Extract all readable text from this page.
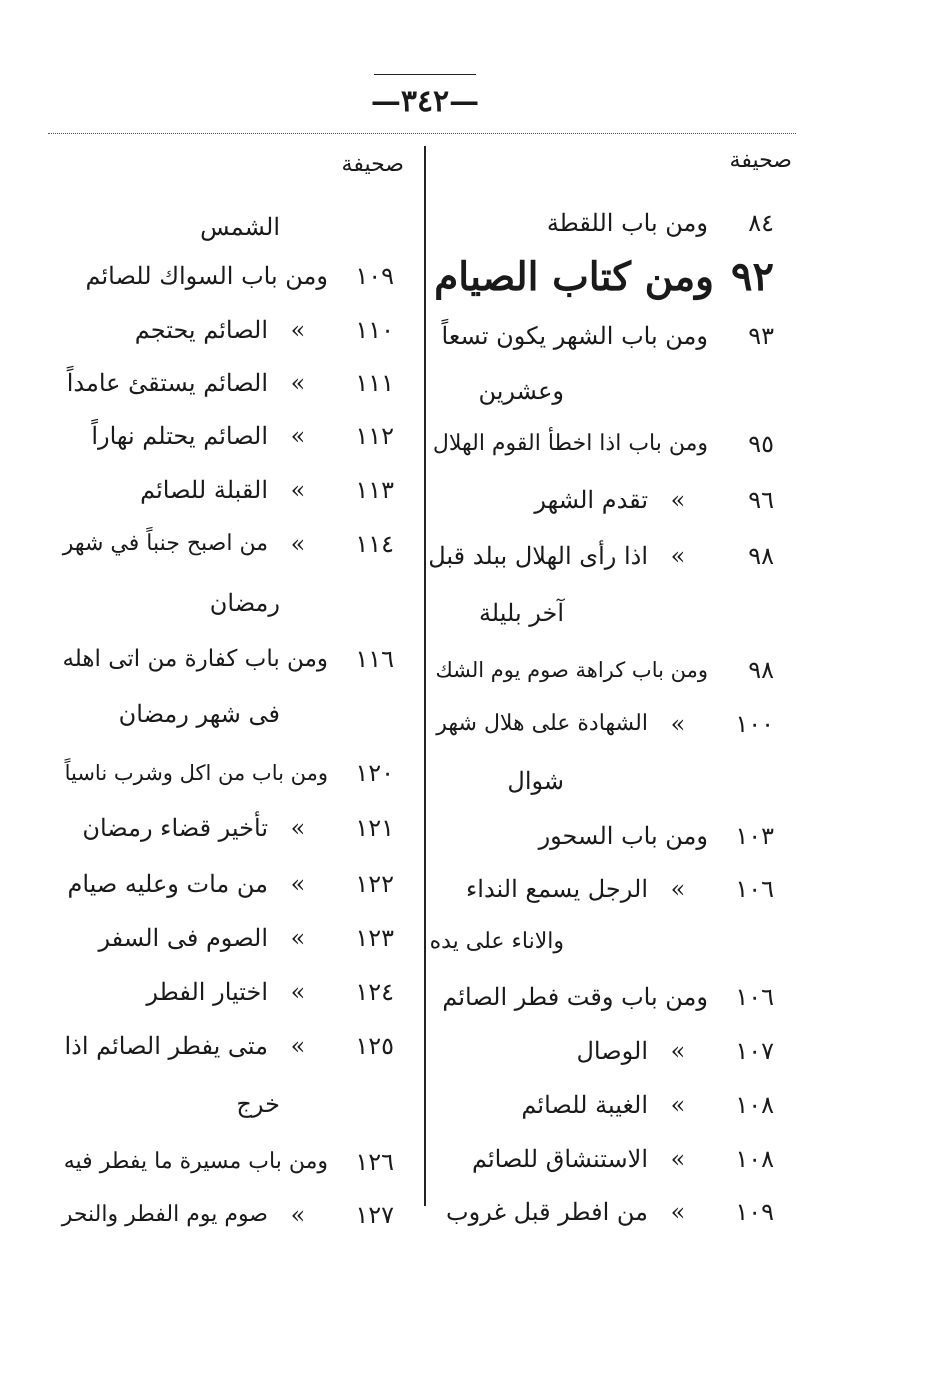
—٣٤٢—
صحيفة
صحيفة
٨٤
ومن باب اللقطة
٩٢
ومن كتاب الصيام
٩٣
ومن باب الشهر يكون تسعاً
وعشرين
٩٥
ومن باب اذا اخطأ القوم الهلال
٩٦
»
تقدم الشهر
٩٨
»
اذا رأى الهلال ببلد قبل
آخر بليلة
٩٨
ومن باب كراهة صوم يوم الشك
١٠٠
»
الشهادة على هلال شهر
شوال
١٠٣
ومن باب السحور
١٠٦
»
الرجل يسمع النداء
والاناء على يده
١٠٦
ومن باب وقت فطر الصائم
١٠٧
»
الوصال
١٠٨
»
الغيبة للصائم
١٠٨
»
الاستنشاق للصائم
١٠٩
»
من افطر قبل غروب
الشمس
١٠٩
ومن باب السواك للصائم
١١٠
»
الصائم يحتجم
١١١
»
الصائم يستقئ عامداً
١١٢
»
الصائم يحتلم نهاراً
١١٣
»
القبلة للصائم
١١٤
»
من اصبح جنباً في شهر
رمضان
١١٦
ومن باب كفارة من اتى اهله
فى شهر رمضان
١٢٠
ومن باب من اكل وشرب ناسياً
١٢١
»
تأخير قضاء رمضان
١٢٢
»
من مات وعليه صيام
١٢٣
»
الصوم فى السفر
١٢٤
»
اختيار الفطر
١٢٥
»
متى يفطر الصائم اذا
خرج
١٢٦
ومن باب مسيرة ما يفطر فيه
١٢٧
»
صوم يوم الفطر والنحر
